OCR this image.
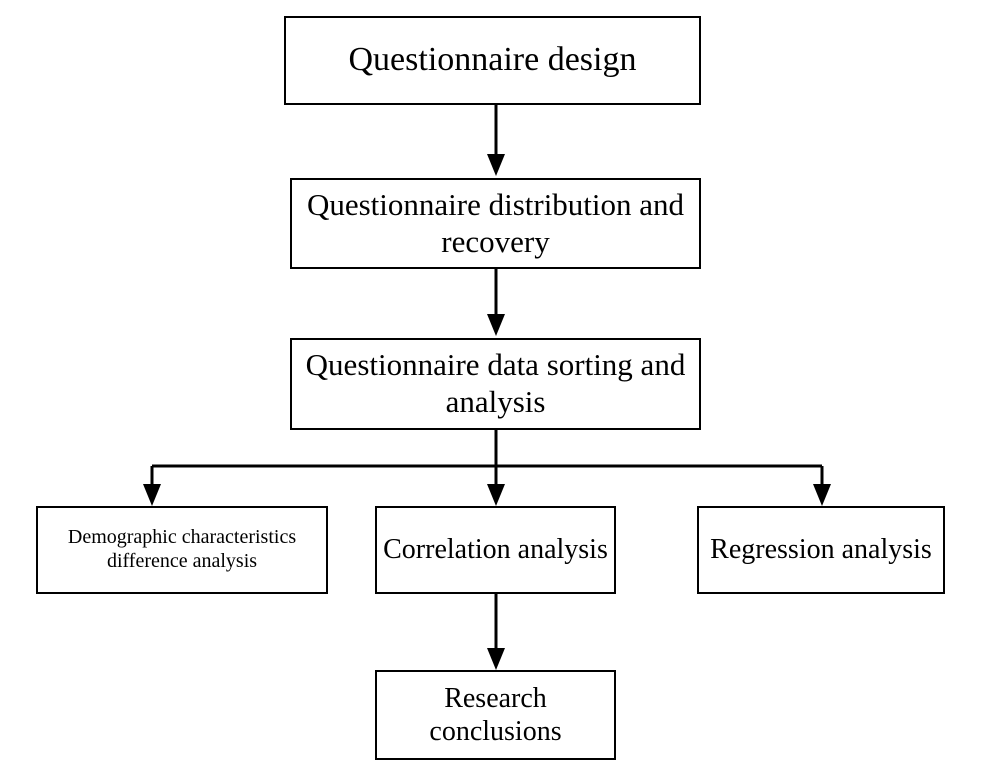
Questionnaire design
Questionnaire distribution and recovery
Questionnaire data sorting and analysis
Demographic characteristics difference analysis	Correlation analysis	Regression analysis
Research conclusions
